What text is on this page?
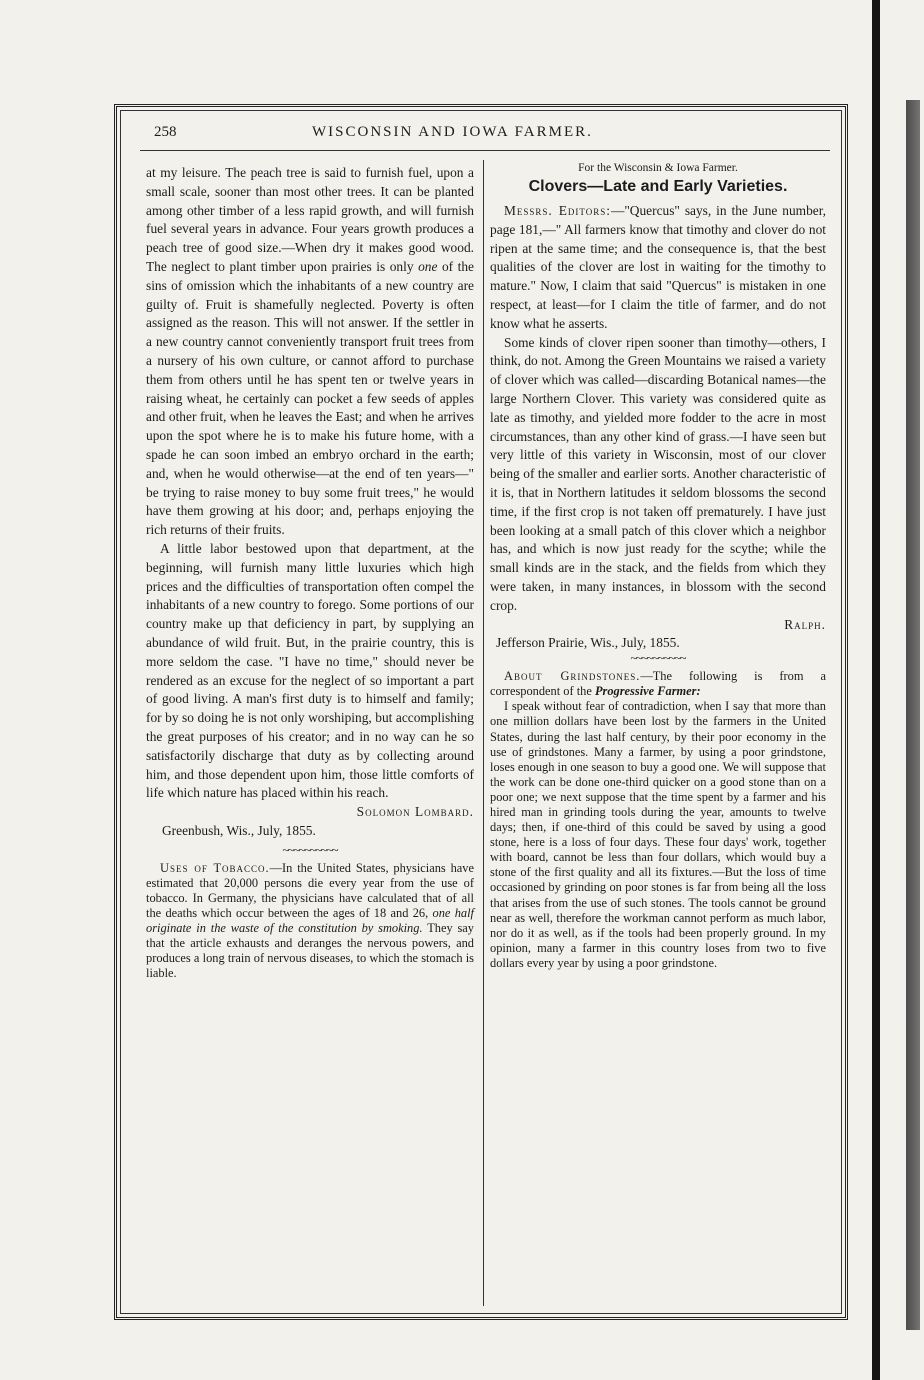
258	WISCONSIN AND IOWA FARMER.

at my leisure. The peach tree is said to furnish fuel, upon a small scale, sooner than most other trees. It can be planted among other timber of a less rapid growth, and will furnish fuel several years in advance. Four years growth produces a peach tree of good size.—When dry it makes good wood. The neglect to plant timber upon prairies is only one of the sins of omission which the inhabitants of a new country are guilty of. Fruit is shamefully neglected. Poverty is often assigned as the reason. This will not answer. If the settler in a new country cannot conveniently transport fruit trees from a nursery of his own culture, or cannot afford to purchase them from others until he has spent ten or twelve years in raising wheat, he certainly can pocket a few seeds of apples and other fruit, when he leaves the East; and when he arrives upon the spot where he is to make his future home, with a spade he can soon imbed an embryo orchard in the earth; and, when he would otherwise—at the end of ten years—" be trying to raise money to buy some fruit trees," he would have them growing at his door; and, perhaps enjoying the rich returns of their fruits.

A little labor bestowed upon that department, at the beginning, will furnish many little luxuries which high prices and the difficulties of transportation often compel the inhabitants of a new country to forego. Some portions of our country make up that deficiency in part, by supplying an abundance of wild fruit. But, in the prairie country, this is more seldom the case. "I have no time," should never be rendered as an excuse for the neglect of so important a part of good living. A man's first duty is to himself and family; for by so doing he is not only worshiping, but accomplishing the great purposes of his creator; and in no way can he so satisfactorily discharge that duty as by collecting around him, and those dependent upon him, those little comforts of life which nature has placed within his reach.

Solomon Lombard.

Greenbush, Wis., July, 1855.

~~~~~~~~~~

Uses of Tobacco.—In the United States, physicians have estimated that 20,000 persons die every year from the use of tobacco. In Germany, the physicians have calculated that of all the deaths which occur between the ages of 18 and 26, one half originate in the waste of the constitution by smoking. They say that the article exhausts and deranges the nervous powers, and produces a long train of nervous diseases, to which the stomach is liable.

For the Wisconsin & Iowa Farmer.
Clovers—Late and Early Varieties.

Messrs. Editors:—"Quercus" says, in the June number, page 181,—" All farmers know that timothy and clover do not ripen at the same time; and the consequence is, that the best qualities of the clover are lost in waiting for the timothy to mature." Now, I claim that said "Quercus" is mistaken in one respect, at least—for I claim the title of farmer, and do not know what he asserts.

Some kinds of clover ripen sooner than timothy—others, I think, do not. Among the Green Mountains we raised a variety of clover which was called—discarding Botanical names—the large Northern Clover. This variety was considered quite as late as timothy, and yielded more fodder to the acre in most circumstances, than any other kind of grass.—I have seen but very little of this variety in Wisconsin, most of our clover being of the smaller and earlier sorts. Another characteristic of it is, that in Northern latitudes it seldom blossoms the second time, if the first crop is not taken off prematurely. I have just been looking at a small patch of this clover which a neighbor has, and which is now just ready for the scythe; while the small kinds are in the stack, and the fields from which they were taken, in many instances, in blossom with the second crop.

Ralph.

Jefferson Prairie, Wis., July, 1855.

~~~~~~~~~~

About Grindstones.—The following is from a correspondent of the Progressive Farmer:

I speak without fear of contradiction, when I say that more than one million dollars have been lost by the farmers in the United States, during the last half century, by their poor economy in the use of grindstones. Many a farmer, by using a poor grindstone, loses enough in one season to buy a good one. We will suppose that the work can be done one-third quicker on a good stone than on a poor one; we next suppose that the time spent by a farmer and his hired man in grinding tools during the year, amounts to twelve days; then, if one-third of this could be saved by using a good stone, here is a loss of four days. These four days' work, together with board, cannot be less than four dollars, which would buy a stone of the first quality and all its fixtures.—But the loss of time occasioned by grinding on poor stones is far from being all the loss that arises from the use of such stones. The tools cannot be ground near as well, therefore the workman cannot perform as much labor, nor do it as well, as if the tools had been properly ground. In my opinion, many a farmer in this country loses from two to five dollars every year by using a poor grindstone.
